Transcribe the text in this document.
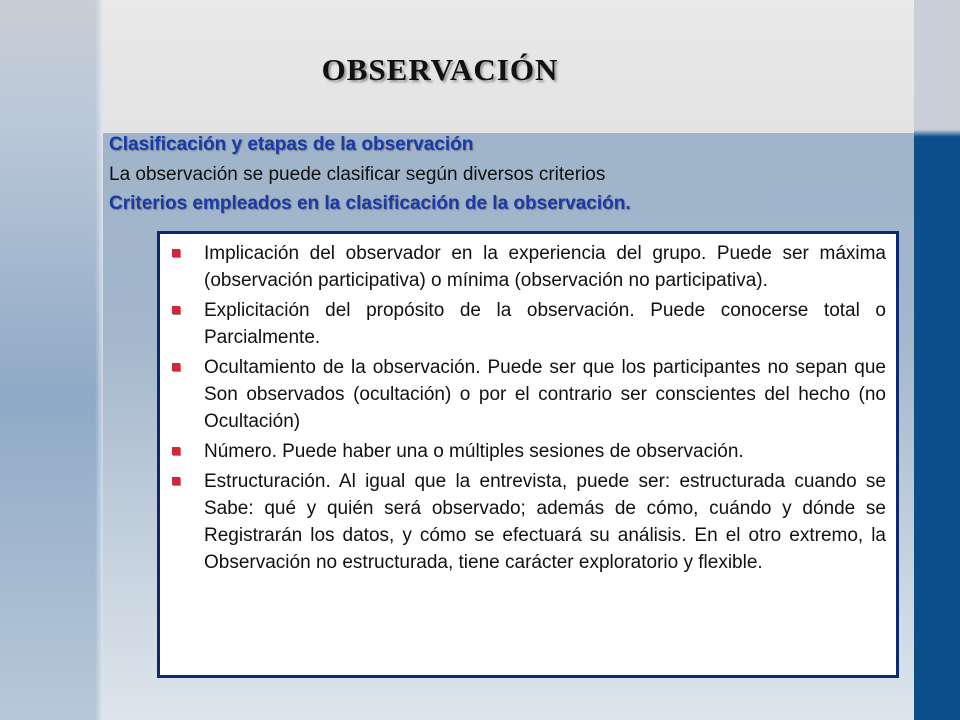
OBSERVACIÓN
Clasificación y etapas de la observación
La observación se puede clasificar según diversos criterios
Criterios empleados en la clasificación de la observación.
Implicación del observador en la experiencia del grupo. Puede ser máxima (observación participativa) o mínima (observación no participativa).
Explicitación del propósito de la observación. Puede conocerse total o Parcialmente.
Ocultamiento de la observación. Puede ser que los participantes no sepan que Son observados (ocultación) o por el contrario ser conscientes del hecho (no Ocultación)
Número. Puede haber una o múltiples sesiones de observación.
Estructuración. Al igual que la entrevista, puede ser: estructurada cuando se Sabe: qué y quién será observado; además de cómo, cuándo y dónde se Registrarán los datos, y cómo se efectuará su análisis. En el otro extremo, la Observación no estructurada, tiene carácter exploratorio y flexible.
